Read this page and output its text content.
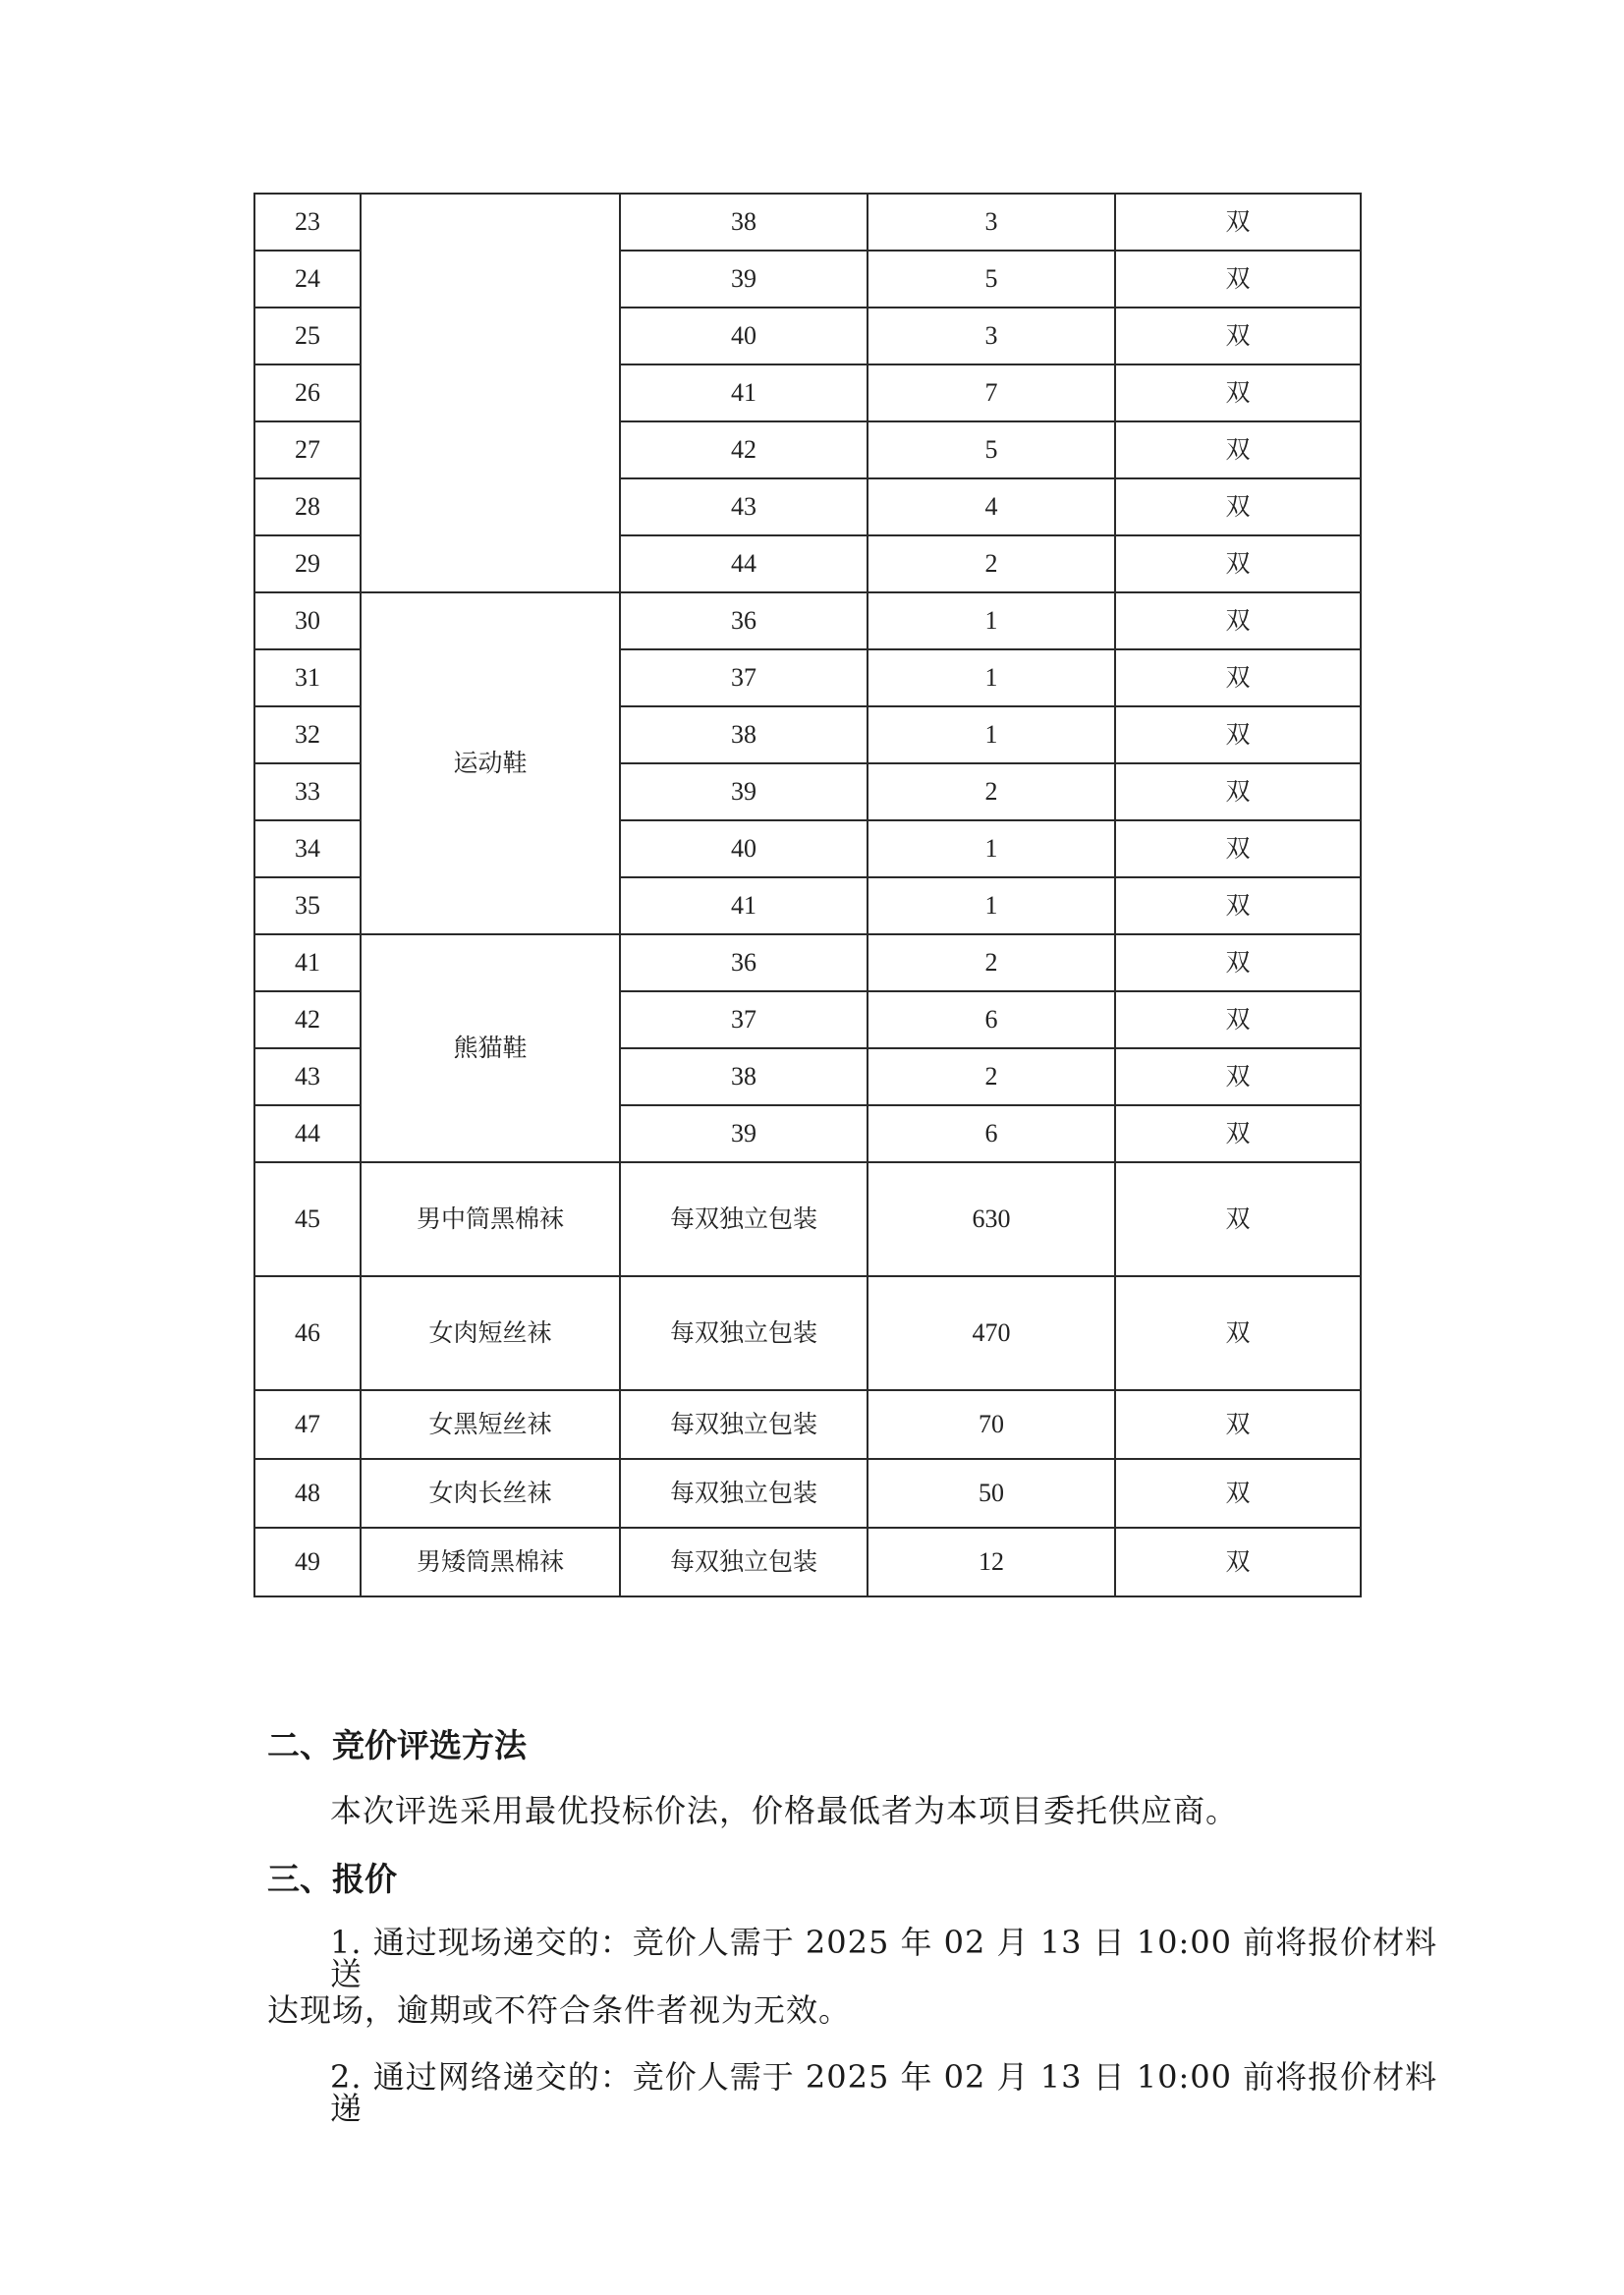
23		38	3	双
24		39	5	双
25		40	3	双
26		41	7	双
27		42	5	双
28		43	4	双
29		44	2	双
30	运动鞋	36	1	双
31		37	1	双
32		38	1	双
33		39	2	双
34		40	1	双
35		41	1	双
41	熊猫鞋	36	2	双
42		37	6	双
43		38	2	双
44		39	6	双
45	男中筒黑棉袜	每双独立包装	630	双
46	女肉短丝袜	每双独立包装	470	双
47	女黑短丝袜	每双独立包装	70	双
48	女肉长丝袜	每双独立包装	50	双
49	男矮筒黑棉袜	每双独立包装	12	双
二、竞价评选方法
本次评选采用最优投标价法，价格最低者为本项目委托供应商。
三、报价
1. 通过现场递交的：竞价人需于 2025 年 02 月 13 日 10:00 前将报价材料送
达现场，逾期或不符合条件者视为无效。
2. 通过网络递交的：竞价人需于 2025 年 02 月 13 日 10:00 前将报价材料递
